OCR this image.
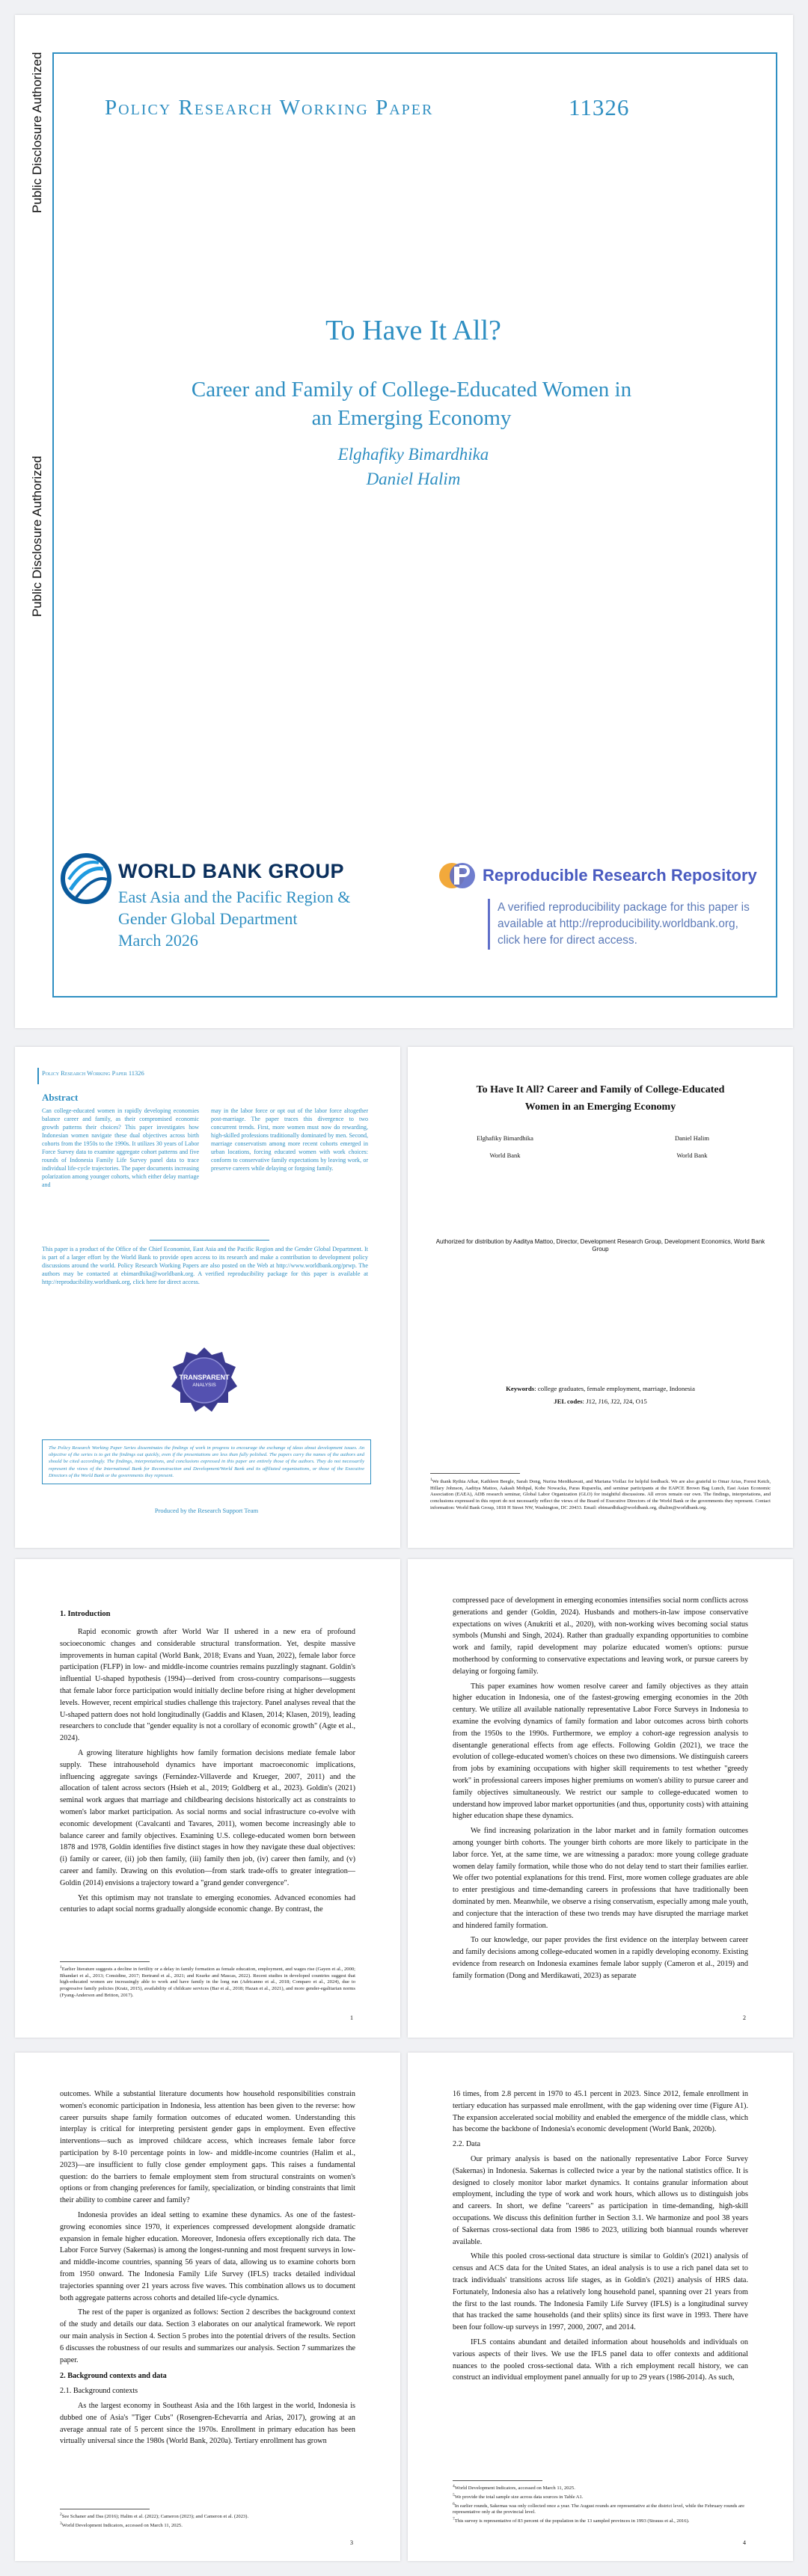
Public Disclosure Authorized
Public Disclosure Authorized
Policy Research Working Paper	11326
To Have It All?
Career and Family of College-Educated Women in an Emerging Economy
Elghafiky Bimardhika
Daniel Halim
WORLD BANK GROUP
East Asia and the Pacific Region & Gender Global Department
March 2026
Reproducible Research Repository
A verified reproducibility package for this paper is available at http://reproducibility.worldbank.org, click here for direct access.
Policy Research Working Paper 11326
Abstract
Can college-educated women in rapidly developing economies balance career and family, as their compromised economic growth patterns their choices? This paper investigates how Indonesian women navigate these dual objectives across birth cohorts from the 1950s to the 1990s. It utilizes 30 years of Labor Force Survey data to examine aggregate cohort patterns and five rounds of Indonesia Family Life Survey panel data to trace individual life-cycle trajectories. The paper documents increasing polarization among younger cohorts, which either delay marriage and
may in the labor force or opt out of the labor force altogether post-marriage. The paper traces this divergence to two concurrent trends. First, more women must now do rewarding, high-skilled professions traditionally dominated by men. Second, marriage conservatism among more recent cohorts emerged in urban locations, forcing educated women with work choices: conform to conservative family expectations by leaving work, or preserve careers while delaying or forgoing family.
This paper is a product of the Office of the Chief Economist, East Asia and the Pacific Region and the Gender Global Department. It is part of a larger effort by the World Bank to provide open access to its research and make a contribution to development policy discussions around the world. Policy Research Working Papers are also posted on the Web at http://www.worldbank.org/prwp. The authors may be contacted at ebimardhika@worldbank.org. A verified reproducibility package for this paper is available at http://reproducibility.worldbank.org, click here for direct access.
TRANSPARENT
ANALYSIS
The Policy Research Working Paper Series disseminates the findings of work in progress to encourage the exchange of ideas about development issues. An objective of the series is to get the findings out quickly, even if the presentations are less than fully polished. The papers carry the names of the authors and should be cited accordingly. The findings, interpretations, and conclusions expressed in this paper are entirely those of the authors. They do not necessarily represent the views of the International Bank for Reconstruction and Development/World Bank and its affiliated organizations, or those of the Executive Directors of the World Bank or the governments they represent.
Produced by the Research Support Team
To Have It All? Career and Family of College-Educated Women in an Emerging Economy
Elghafiky Bimardhika	Daniel Halim
World Bank	World Bank
Authorized for distribution by Aaditya Mattoo, Director, Development Research Group, Development Economics, World Bank Group
Keywords: college graduates, female employment, marriage, Indonesia
JEL codes: J12, J16, J22, J24, O15
$^1$We thank Rythia Afkar, Kathleen Beegle, Sarah Dong, Nurina Merdikawati, and Mariana Viollaz for helpful feedback. We are also grateful to Omar Arias, Forest Ketch, Hillary Johnson, Aaditya Mattoo, Aakash Mohpal, Kobe Nowacka, Paras Ruparelia, and seminar participants at the EAPCE Brown Bag Lunch, East Asian Economic Association (EAEA), ADB research seminar, Global Labor Organization (GLO) for insightful discussions. All errors remain our own. The findings, interpretations, and conclusions expressed in this report do not necessarily reflect the views of the Board of Executive Directors of the World Bank or the governments they represent. Contact information: World Bank Group, 1818 H Street NW, Washington, DC 20433. Email: ebimardhika@worldbank.org, dhalim@worldbank.org.
1. Introduction

Rapid economic growth after World War II ushered in a new era of profound socioeconomic changes and considerable structural transformation. Yet, despite massive improvements in human capital (World Bank, 2018; Evans and Yuan, 2022), female labor force participation (FLFP) in low- and middle-income countries remains puzzlingly stagnant. Goldin's influential U-shaped hypothesis (1994)—derived from cross-country comparisons—suggests that female labor force participation would initially decline before rising at higher development levels. However, recent empirical studies challenge this trajectory. Panel analyses reveal that the U-shaped pattern does not hold longitudinally (Gaddis and Klasen, 2014; Klasen, 2019), leading researchers to conclude that "gender equality is not a corollary of economic growth" (Agte et al., 2024).

A growing literature highlights how family formation decisions mediate female labor supply. These intrahousehold dynamics have important macroeconomic implications, influencing aggregate savings (Fernández-Villaverde and Krueger, 2007, 2011) and the allocation of talent across sectors (Hsieh et al., 2019; Goldberg et al., 2023). Goldin's (2021) seminal work argues that marriage and childbearing decisions historically act as constraints to women's labor market participation. As social norms and social infrastructure co-evolve with economic development (Cavalcanti and Tavares, 2011), women become increasingly able to balance career and family objectives. Examining U.S. college-educated women born between 1878 and 1978, Goldin identifies five distinct stages in how they navigate these dual objectives: (i) family or career, (ii) job then family, (iii) family then job, (iv) career then family, and (v) career and family. Drawing on this evolution—from stark trade-offs to greater integration—Goldin (2014) envisions a trajectory toward a "grand gender convergence".

Yet this optimism may not translate to emerging economies. Advanced economies had centuries to adapt social norms gradually alongside economic change. By contrast, the

$^1$Earlier literature suggests a decline in fertility or a delay in family formation as female education, employment, and wages rise (Gayen et al., 2000; Bhandari et al., 2013; Considine, 2017; Bertrand et al., 2021; and Kearke and Mascas, 2022). Recent studies in developed countries suggest that high-educated women are increasingly able to work and have family in the long run (Adricanno et al., 2018; Comparo et al., 2024), due to progressive family policies (Kratz, 2015), availability of childcare services (Bar et al., 2018; Hazan et al., 2021), and more gender-egalitarian norms (Fyang-Anderson and Britton, 2017).
1

compressed pace of development in emerging economies intensifies social norm conflicts across generations and gender (Goldin, 2024). Husbands and mothers-in-law impose conservative expectations on wives (Anukriti et al., 2020), with non-working wives becoming social status symbols (Munshi and Singh, 2024). Rather than gradually expanding opportunities to combine work and family, rapid development may polarize educated women's options: pursue motherhood by conforming to conservative expectations and leaving work, or pursue careers by delaying or forgoing family.

This paper examines how women resolve career and family objectives as they attain higher education in Indonesia, one of the fastest-growing emerging economies in the 20th century. We utilize all available nationally representative Labor Force Surveys in Indonesia to examine the evolving dynamics of family formation and labor outcomes across birth cohorts from the 1950s to the 1990s. Furthermore, we employ a cohort-age regression analysis to disentangle generational effects from age effects. Following Goldin (2021), we trace the evolution of college-educated women's choices on these two dimensions. We distinguish careers from jobs by examining occupations with higher skill requirements to test whether "greedy work" in professional careers imposes higher premiums on women's ability to pursue career and family objectives simultaneously. We restrict our sample to college-educated women to understand how improved labor market opportunities (and thus, opportunity costs) with attaining higher education shape these dynamics.

We find increasing polarization in the labor market and in family formation outcomes among younger birth cohorts. The younger birth cohorts are more likely to participate in the labor force. Yet, at the same time, we are witnessing a paradox: more young college graduate women delay family formation, while those who do not delay tend to start their families earlier. We offer two potential explanations for this trend. First, more women college graduates are able to enter prestigious and time-demanding careers in professions that have traditionally been dominated by men. Meanwhile, we observe a rising conservatism, especially among male youth, and conjecture that the interaction of these two trends may have disrupted the marriage market and hindered family formation.

To our knowledge, our paper provides the first evidence on the interplay between career and family decisions among college-educated women in a rapidly developing economy. Existing evidence from research on Indonesia examines female labor supply (Cameron et al., 2019) and family formation (Dong and Merdikawati, 2023) as separate

2

outcomes. While a substantial literature documents how household responsibilities constrain women's economic participation in Indonesia, less attention has been given to the reverse: how career pursuits shape family formation outcomes of educated women. Understanding this interplay is critical for interpreting persistent gender gaps in employment. Even effective interventions—such as improved childcare access, which increases female labor force participation by 8-10 percentage points in low- and middle-income countries (Halim et al., 2023)—are insufficient to fully close gender employment gaps. This raises a fundamental question: do the barriers to female employment stem from structural constraints on women's options or from changing preferences for family, specialization, or binding constraints that limit their ability to combine career and family?

Indonesia provides an ideal setting to examine these dynamics. As one of the fastest-growing economies since 1970, it experiences compressed development alongside dramatic expansion in female higher education. Moreover, Indonesia offers exceptionally rich data. The Labor Force Survey (Sakernas) is among the longest-running and most frequent surveys in low- and middle-income countries, spanning 56 years of data, allowing us to examine cohorts born from 1950 onward. The Indonesia Family Life Survey (IFLS) tracks detailed individual trajectories spanning over 21 years across five waves. This combination allows us to document both aggregate patterns across cohorts and detailed life-cycle dynamics.

The rest of the paper is organized as follows: Section 2 describes the background context of the study and details our data. Section 3 elaborates on our analytical framework. We report our main analysis in Section 4. Section 5 probes into the potential drivers of the results. Section 6 discusses the robustness of our results and summarizes our analysis. Section 7 summarizes the paper.

2. Background contexts and data

2.1. Background contexts

As the largest economy in Southeast Asia and the 16th largest in the world, Indonesia is dubbed one of Asia's "Tiger Cubs" (Rosengren-Echevarría and Arias, 2017), growing at an average annual rate of 5 percent since the 1970s. Enrollment in primary education has been virtually universal since the 1980s (World Bank, 2020a). Tertiary enrollment has grown

$^2$See Schaner and Das (2016); Halim et al. (2022); Cameron (2023); and Cameron et al. (2023).
$^3$World Development Indicators, accessed on March 11, 2025.
3

16 times, from 2.8 percent in 1970 to 45.1 percent in 2023. Since 2012, female enrollment in tertiary education has surpassed male enrollment, with the gap widening over time (Figure A1). The expansion accelerated social mobility and enabled the emergence of the middle class, which has become the backbone of Indonesia's economic development (World Bank, 2020b).

2.2. Data

Our primary analysis is based on the nationally representative Labor Force Survey (Sakernas) in Indonesia. Sakernas is collected twice a year by the national statistics office. It is designed to closely monitor labor market dynamics. It contains granular information about employment, including the type of work and work hours, which allows us to distinguish jobs and careers. In short, we define "careers" as participation in time-demanding, high-skill occupations. We discuss this definition further in Section 3.1. We harmonize and pool 38 years of Sakernas cross-sectional data from 1986 to 2023, utilizing both biannual rounds wherever available.

While this pooled cross-sectional data structure is similar to Goldin's (2021) analysis of census and ACS data for the United States, an ideal analysis is to use a rich panel data set to track individuals' transitions across life stages, as in Goldin's (2021) analysis of HRS data. Fortunately, Indonesia also has a relatively long household panel, spanning over 21 years from the first to the last rounds. The Indonesia Family Life Survey (IFLS) is a longitudinal survey that has tracked the same households (and their splits) since its first wave in 1993. There have been four follow-up surveys in 1997, 2000, 2007, and 2014.

IFLS contains abundant and detailed information about households and individuals on various aspects of their lives. We use the IFLS panel data to offer contexts and additional nuances to the pooled cross-sectional data. With a rich employment recall history, we can construct an individual employment panel annually for up to 29 years (1986-2014). As such,

$^4$World Development Indicators, accessed on March 11, 2025.
$^5$We provide the total sample size across data sources in Table A1.
$^6$In earlier rounds, Sakernas was only collected once a year. The August rounds are representative at the district level, while the February rounds are representative only at the provincial level.
$^7$This survey is representative of 83 percent of the population in the 13 sampled provinces in 1993 (Strauss et al., 2016).
4
